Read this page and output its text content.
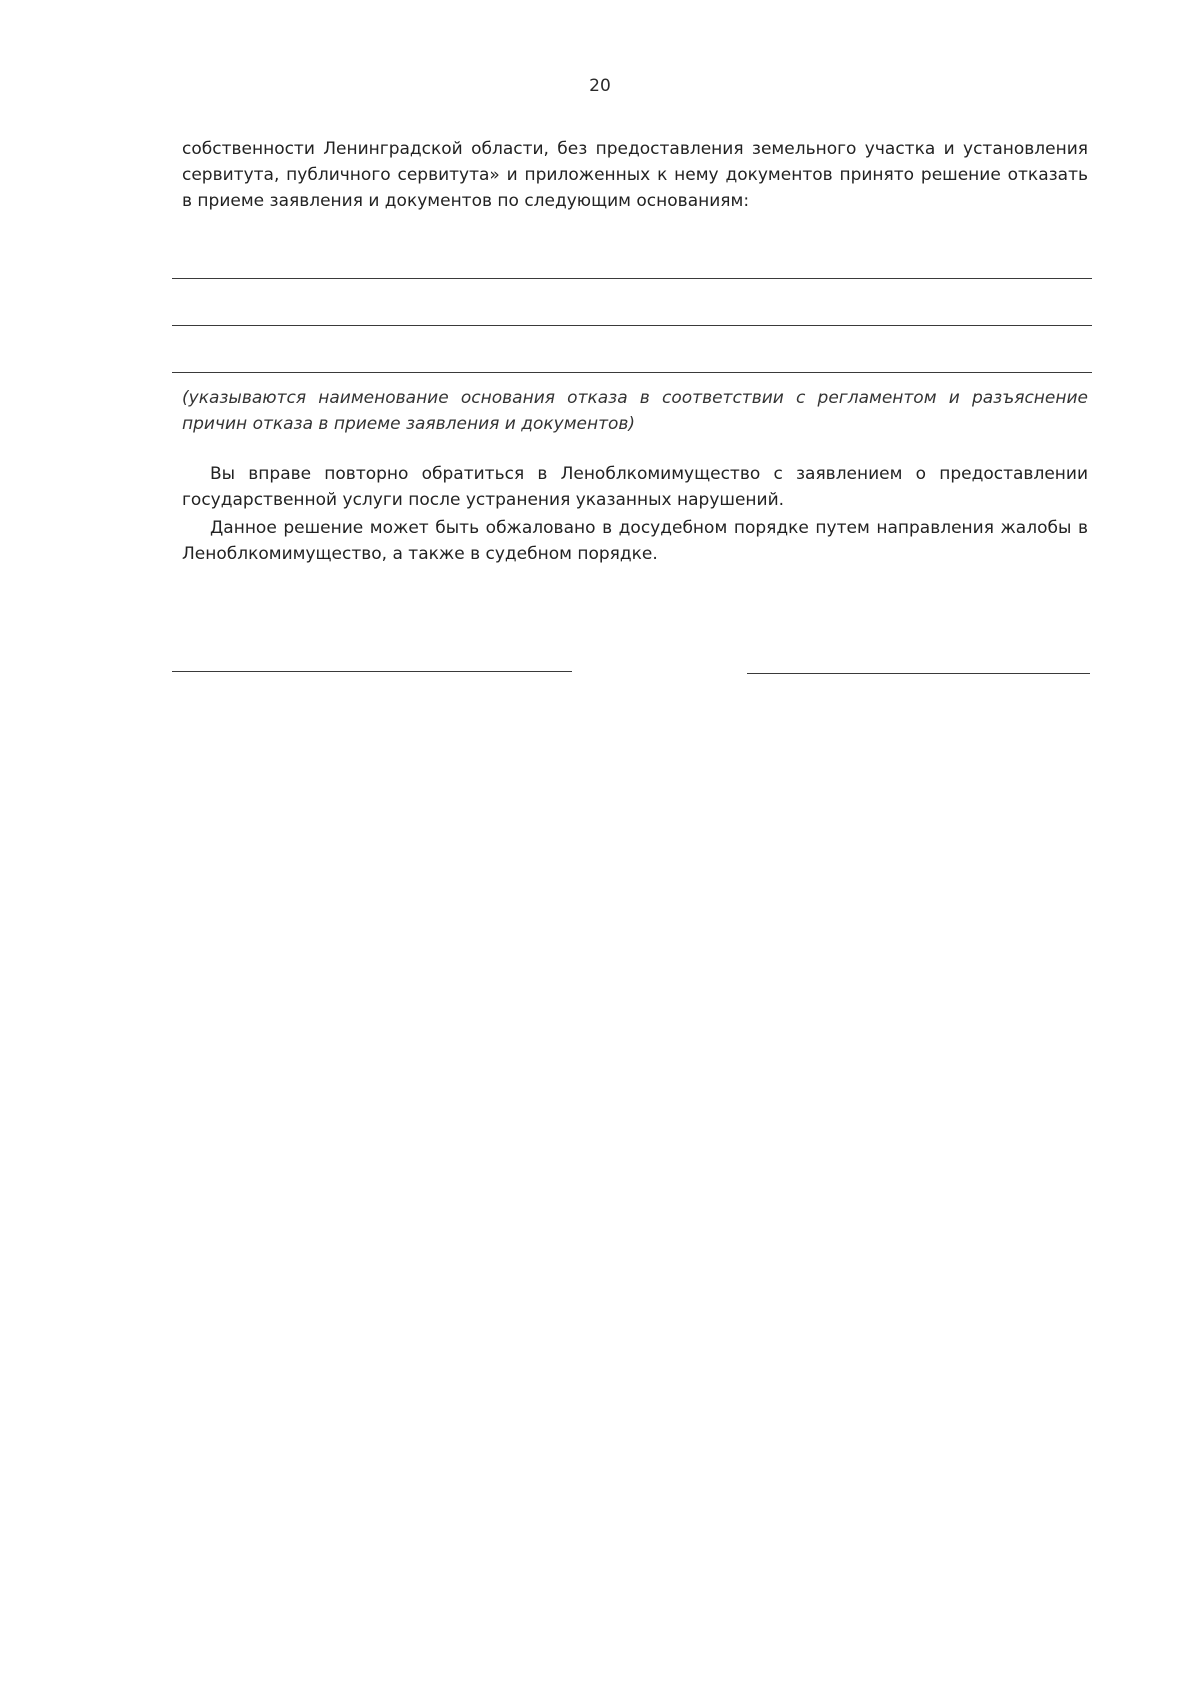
20
собственности Ленинградской области, без предоставления земельного участка и установления сервитута, публичного сервитута» и приложенных к нему документов принято решение отказать в приеме заявления и документов по следующим основаниям:
(указываются наименование основания отказа в соответствии с регламентом и разъяснение причин отказа в приеме заявления и документов)
Вы вправе повторно обратиться в Леноблкомимущество с заявлением о предоставлении государственной услуги после устранения указанных нарушений.
Данное решение может быть обжаловано в досудебном порядке путем направления жалобы в Леноблкомимущество, а также в судебном порядке.
